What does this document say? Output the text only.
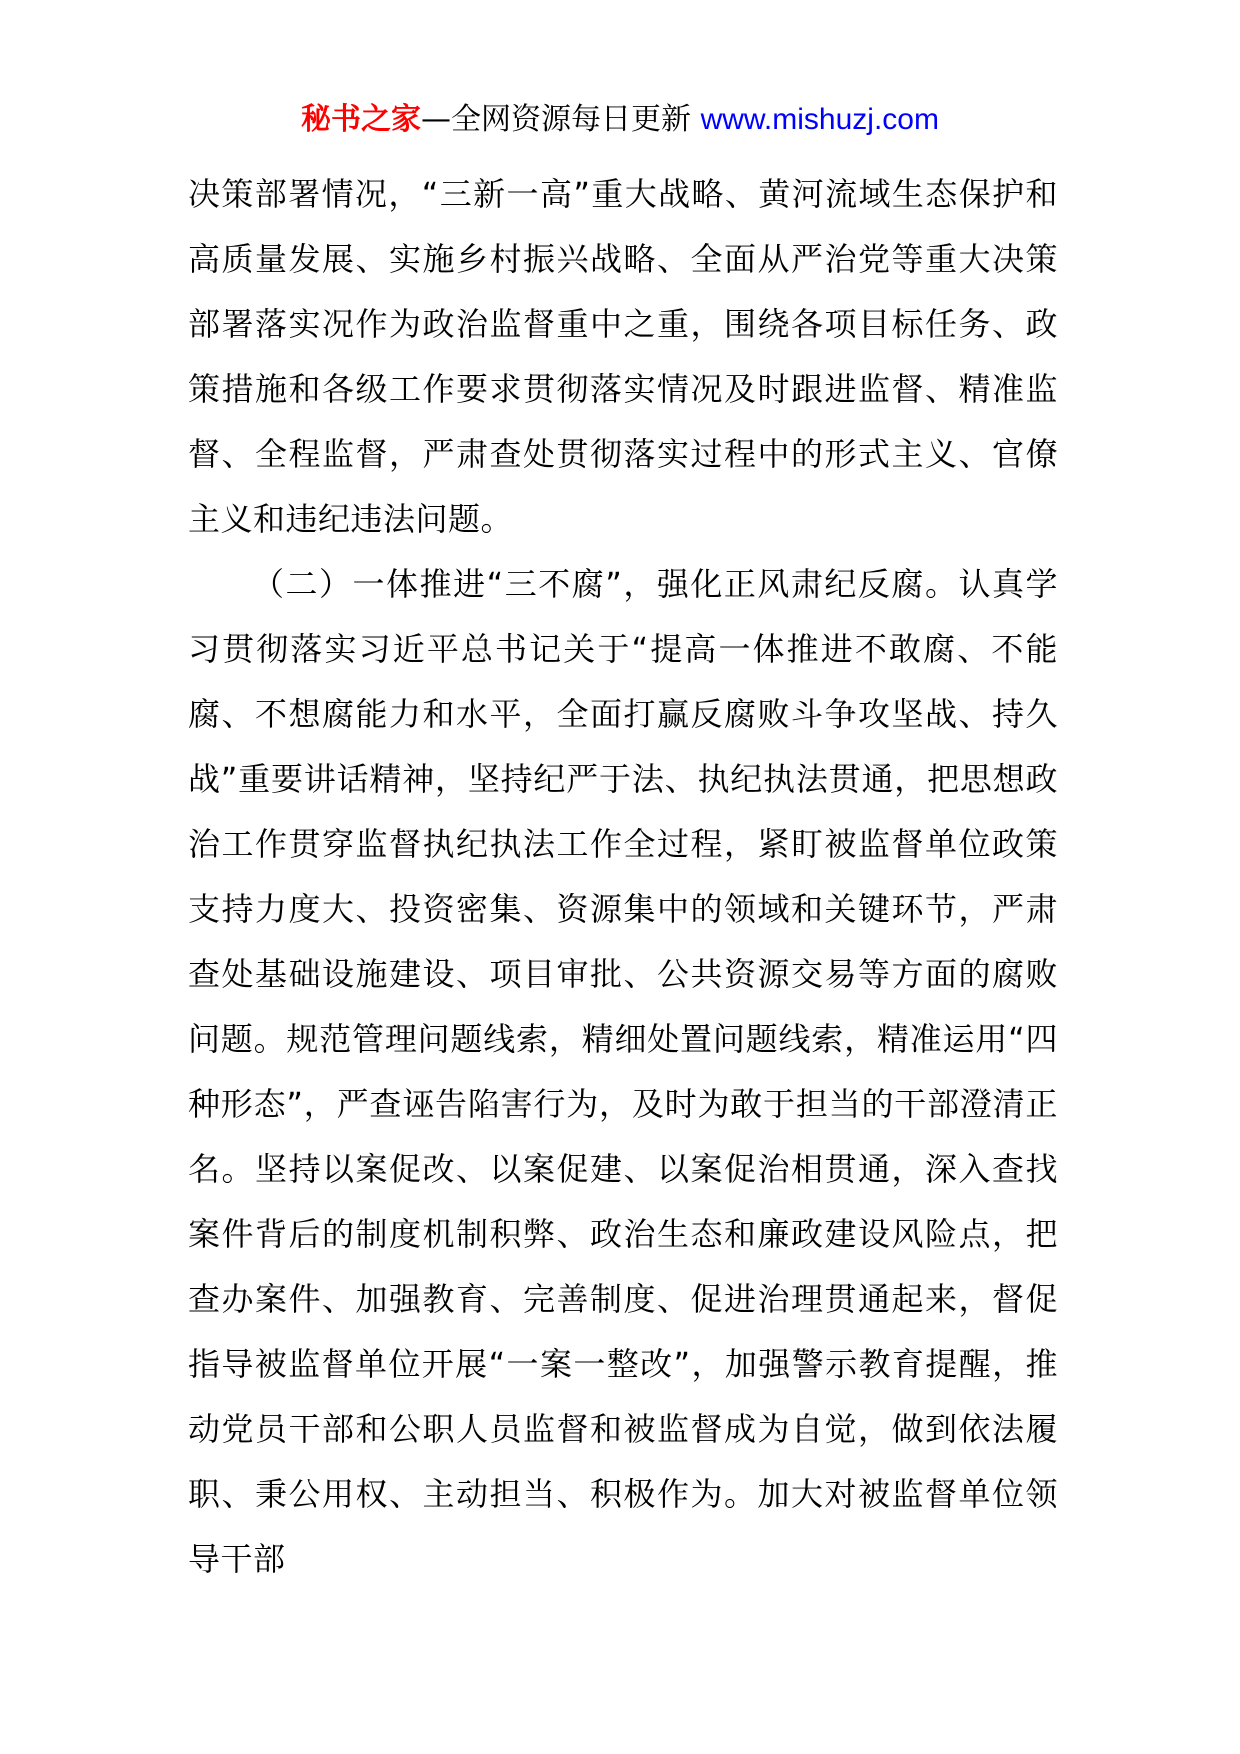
秘书之家—全网资源每日更新 www.mishuzj.com

决策部署情况，“三新一高”重大战略、黄河流域生态保护和高质量发展、实施乡村振兴战略、全面从严治党等重大决策部署落实况作为政治监督重中之重，围绕各项目标任务、政策措施和各级工作要求贯彻落实情况及时跟进监督、精准监督、全程监督，严肃查处贯彻落实过程中的形式主义、官僚主义和违纪违法问题。

（二）一体推进“三不腐”，强化正风肃纪反腐。认真学习贯彻落实习近平总书记关于“提高一体推进不敢腐、不能腐、不想腐能力和水平，全面打赢反腐败斗争攻坚战、持久战”重要讲话精神，坚持纪严于法、执纪执法贯通，把思想政治工作贯穿监督执纪执法工作全过程，紧盯被监督单位政策支持力度大、投资密集、资源集中的领域和关键环节，严肃查处基础设施建设、项目审批、公共资源交易等方面的腐败问题。规范管理问题线索，精细处置问题线索，精准运用“四种形态”，严查诬告陷害行为，及时为敢于担当的干部澄清正名。坚持以案促改、以案促建、以案促治相贯通，深入查找案件背后的制度机制积弊、政治生态和廉政建设风险点，把查办案件、加强教育、完善制度、促进治理贯通起来，督促指导被监督单位开展“一案一整改”，加强警示教育提醒，推动党员干部和公职人员监督和被监督成为自觉，做到依法履职、秉公用权、主动担当、积极作为。加大对被监督单位领导干部
